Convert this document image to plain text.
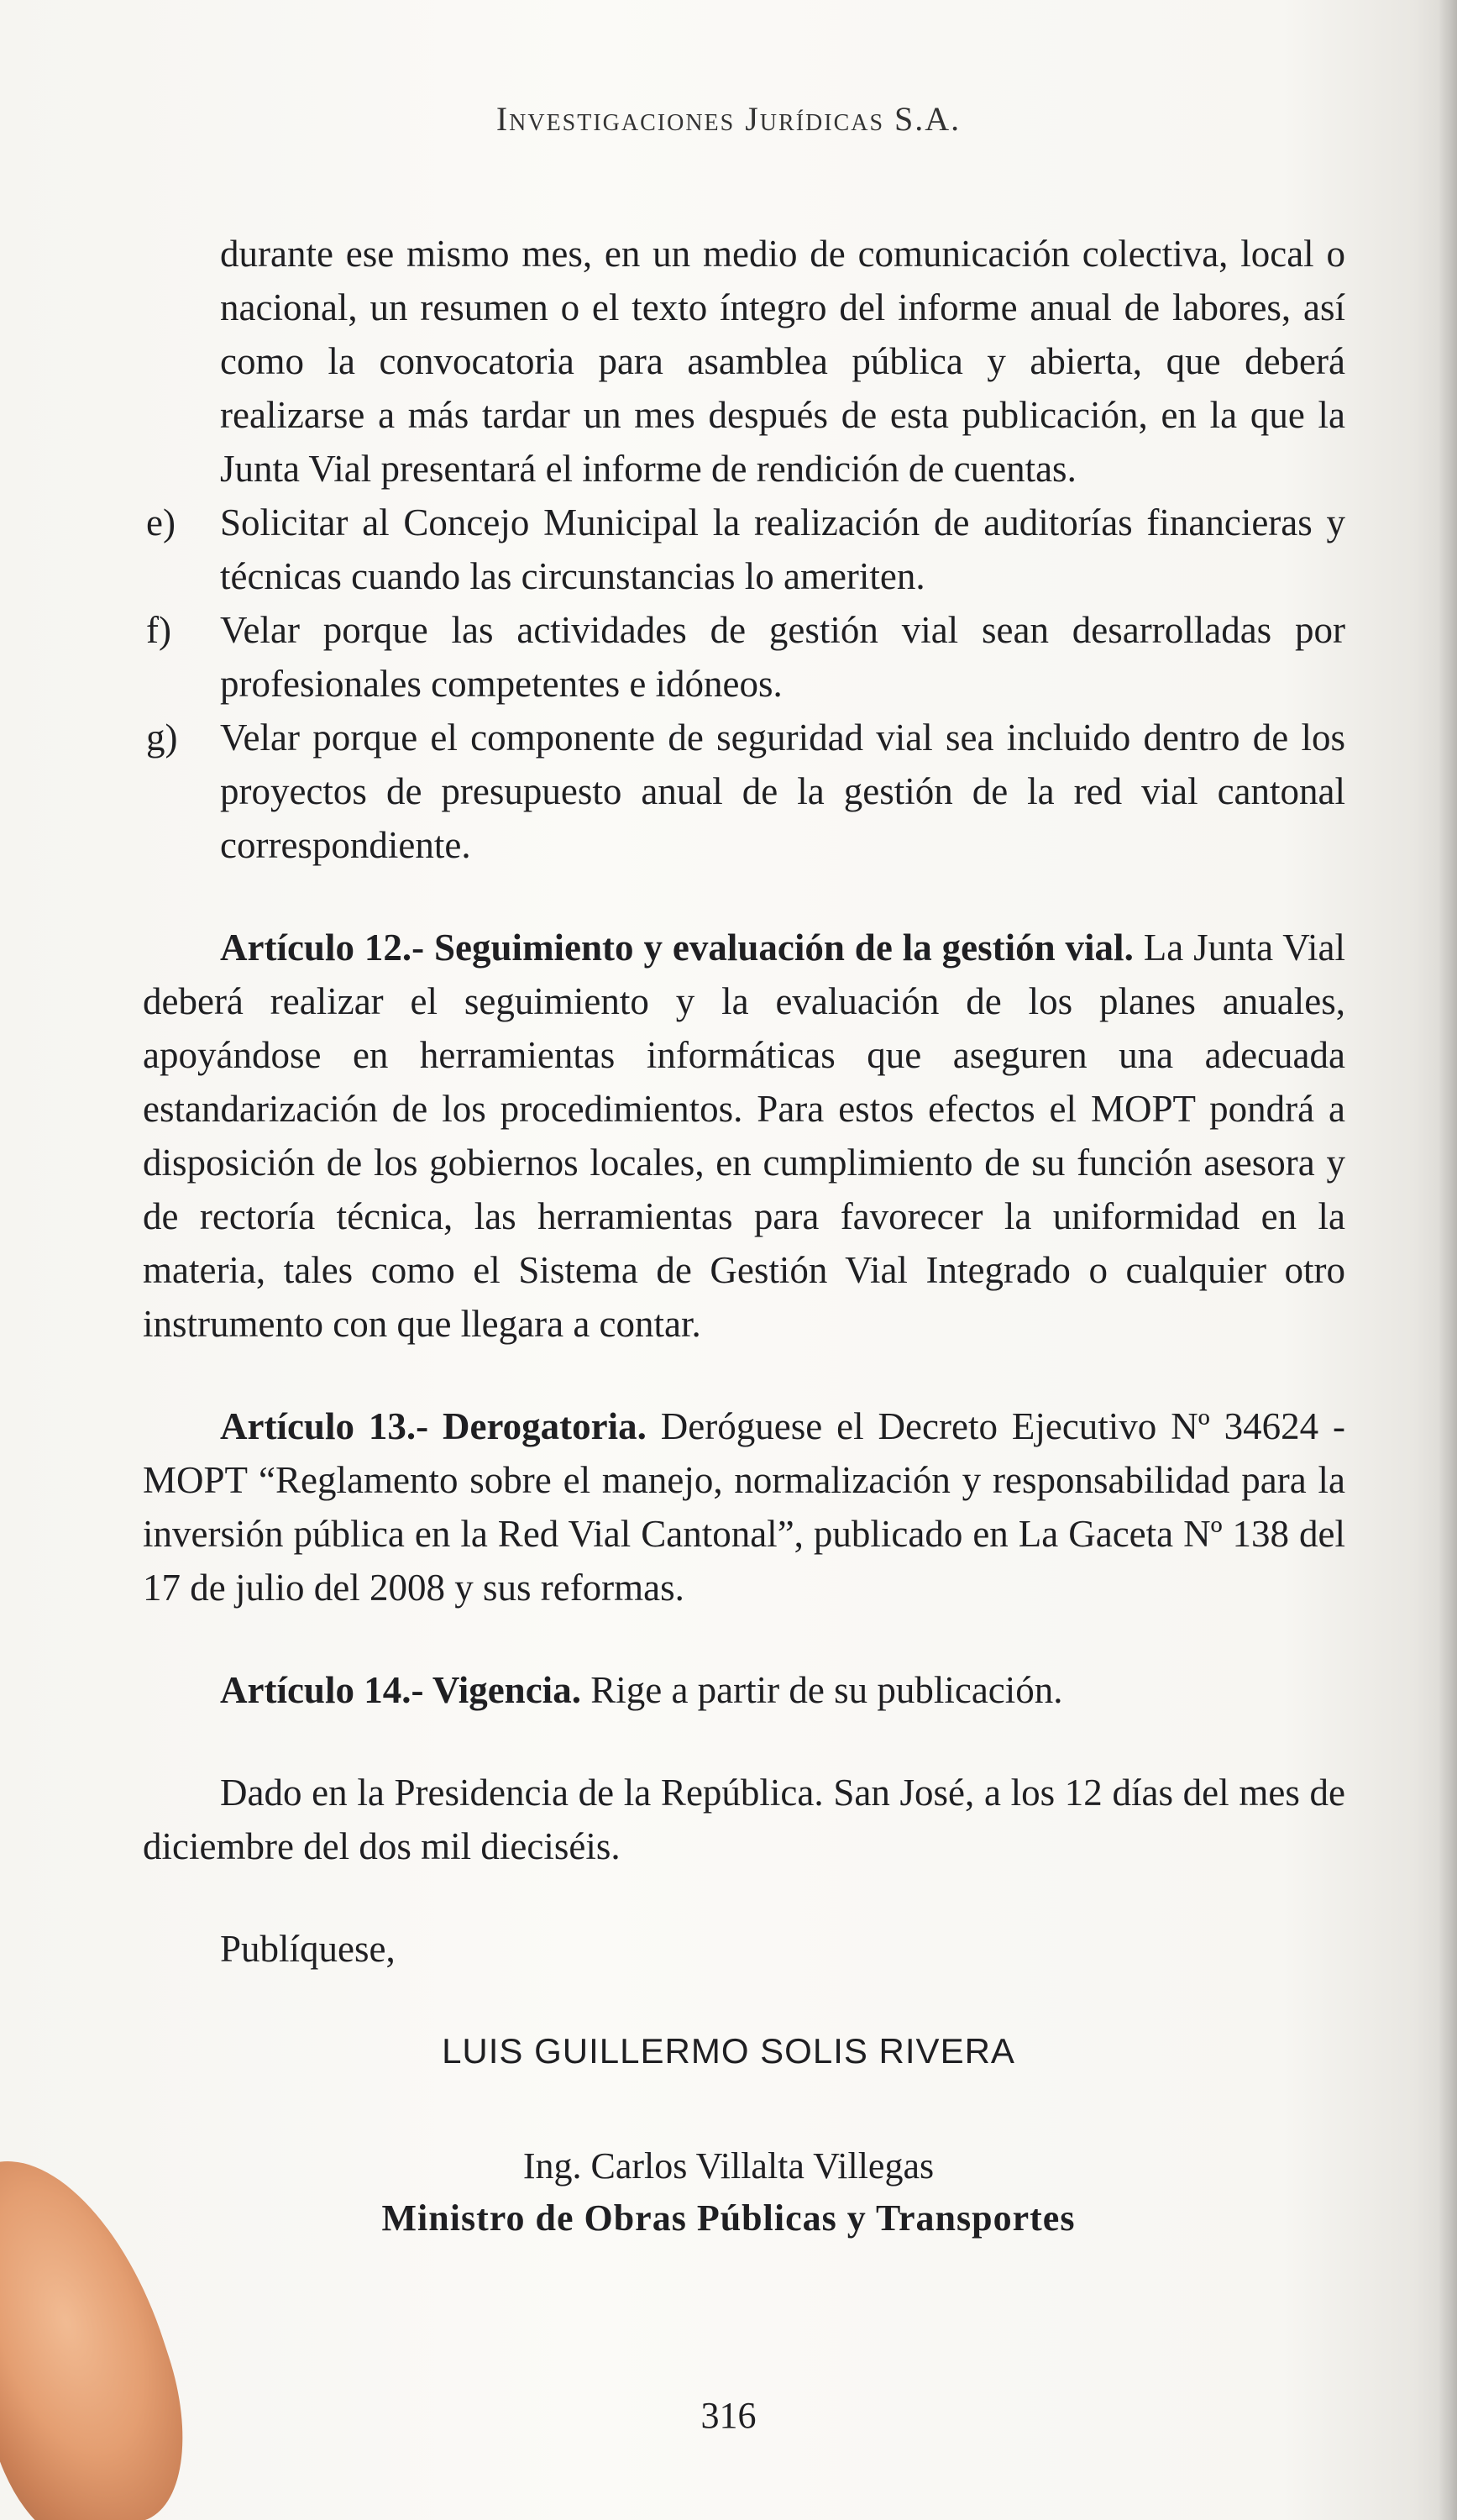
Investigaciones Jurídicas S.A.

durante ese mismo mes, en un medio de comunicación colectiva, local o nacional, un resumen o el texto íntegro del informe anual de labores, así como la convocatoria para asamblea pública y abierta, que deberá realizarse a más tardar un mes después de esta publicación, en la que la Junta Vial presentará el informe de rendición de cuentas.

e) Solicitar al Concejo Municipal la realización de auditorías financieras y técnicas cuando las circunstancias lo ameriten.

f) Velar porque las actividades de gestión vial sean desarrolladas por profesionales competentes e idóneos.

g) Velar porque el componente de seguridad vial sea incluido dentro de los proyectos de presupuesto anual de la gestión de la red vial cantonal correspondiente.

Artículo 12.- Seguimiento y evaluación de la gestión vial. La Junta Vial deberá realizar el seguimiento y la evaluación de los planes anuales, apoyándose en herramientas informáticas que aseguren una adecuada estandarización de los procedimientos. Para estos efectos el MOPT pondrá a disposición de los gobiernos locales, en cumplimiento de su función asesora y de rectoría técnica, las herramientas para favorecer la uniformidad en la materia, tales como el Sistema de Gestión Vial Integrado o cualquier otro instrumento con que llegara a contar.

Artículo 13.- Derogatoria. Deróguese el Decreto Ejecutivo Nº 34624 -MOPT “Reglamento sobre el manejo, normalización y responsabilidad para la inversión pública en la Red Vial Cantonal”, publicado en La Gaceta Nº 138 del 17 de julio del 2008 y sus reformas.

Artículo 14.- Vigencia. Rige a partir de su publicación.

Dado en la Presidencia de la República. San José, a los 12 días del mes de diciembre del dos mil dieciséis.

Publíquese,

LUIS GUILLERMO SOLIS RIVERA
Ing. Carlos Villalta Villegas
Ministro de Obras Públicas y Transportes
316
